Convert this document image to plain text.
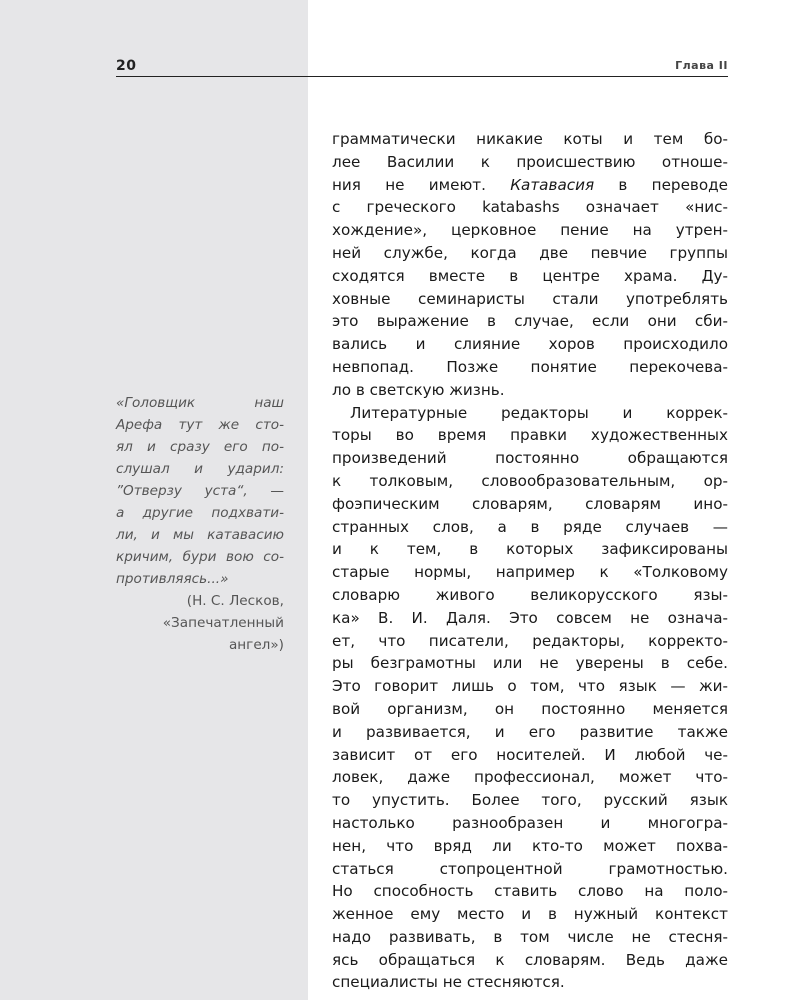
20	Глава II
«Головщик наш
Арефа тут же сто-
ял и сразу его по-
слушал и ударил:
”Отверзу уста“, —
а другие подхвати-
ли, и мы катавасию
кричим, бури вою со-
противляясь...»
(Н. С. Лесков,
«Запечатленный
ангел»)
грамматически никакие коты и тем бо-
лее Василии к происшествию отноше-
ния не имеют. Катавасия в переводе
с греческого katabashs означает «нис-
хождение», церковное пение на утрен-
ней службе, когда две певчие группы
сходятся вместе в центре храма. Ду-
ховные семинаристы стали употреблять
это выражение в случае, если они сби-
вались и слияние хоров происходило
невпопад. Позже понятие перекочева-
ло в светскую жизнь.
Литературные редакторы и коррек-
торы во время правки художественных
произведений постоянно обращаются
к толковым, словообразовательным, ор-
фоэпическим словарям, словарям ино-
странных слов, а в ряде случаев —
и к тем, в которых зафиксированы
старые нормы, например к «Толковому
словарю живого великорусского язы-
ка» В. И. Даля. Это совсем не означа-
ет, что писатели, редакторы, корректо-
ры безграмотны или не уверены в себе.
Это говорит лишь о том, что язык — жи-
вой организм, он постоянно меняется
и развивается, и его развитие также
зависит от его носителей. И любой че-
ловек, даже профессионал, может что-
то упустить. Более того, русский язык
настолько разнообразен и многогра-
нен, что вряд ли кто-то может похва-
статься стопроцентной грамотностью.
Но способность ставить слово на поло-
женное ему место и в нужный контекст
надо развивать, в том числе не стесня-
ясь обращаться к словарям. Ведь даже
специалисты не стесняются.
